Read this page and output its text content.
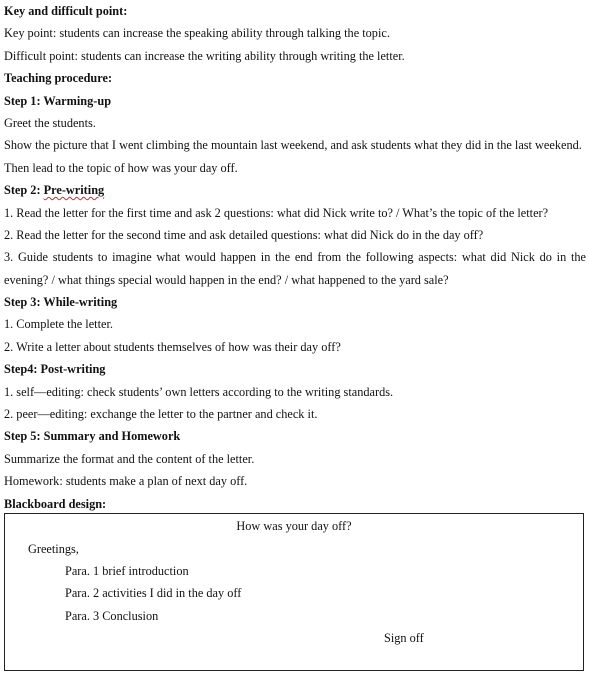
Key and difficult point:
Key point: students can increase the speaking ability through talking the topic.
Difficult point: students can increase the writing ability through writing the letter.
Teaching procedure:
Step 1: Warming-up
Greet the students.
Show the picture that I went climbing the mountain last weekend, and ask students what they did in the last weekend.
Then lead to the topic of how was your day off.
Step 2: Pre-writing
1. Read the letter for the first time and ask 2 questions: what did Nick write to? / What’s the topic of the letter?
2. Read the letter for the second time and ask detailed questions: what did Nick do in the day off?
3. Guide students to imagine what would happen in the end from the following aspects: what did Nick do in the
evening? / what things special would happen in the end? / what happened to the yard sale?
Step 3: While-writing
1. Complete the letter.
2. Write a letter about students themselves of how was their day off?
Step4: Post-writing
1. self—editing: check students’ own letters according to the writing standards.
2. peer—editing: exchange the letter to the partner and check it.
Step 5: Summary and Homework
Summarize the format and the content of the letter.
Homework: students make a plan of next day off.
Blackboard design:
How was your day off?
Greetings,
Para. 1 brief introduction
Para. 2 activities I did in the day off
Para. 3 Conclusion
Sign off
